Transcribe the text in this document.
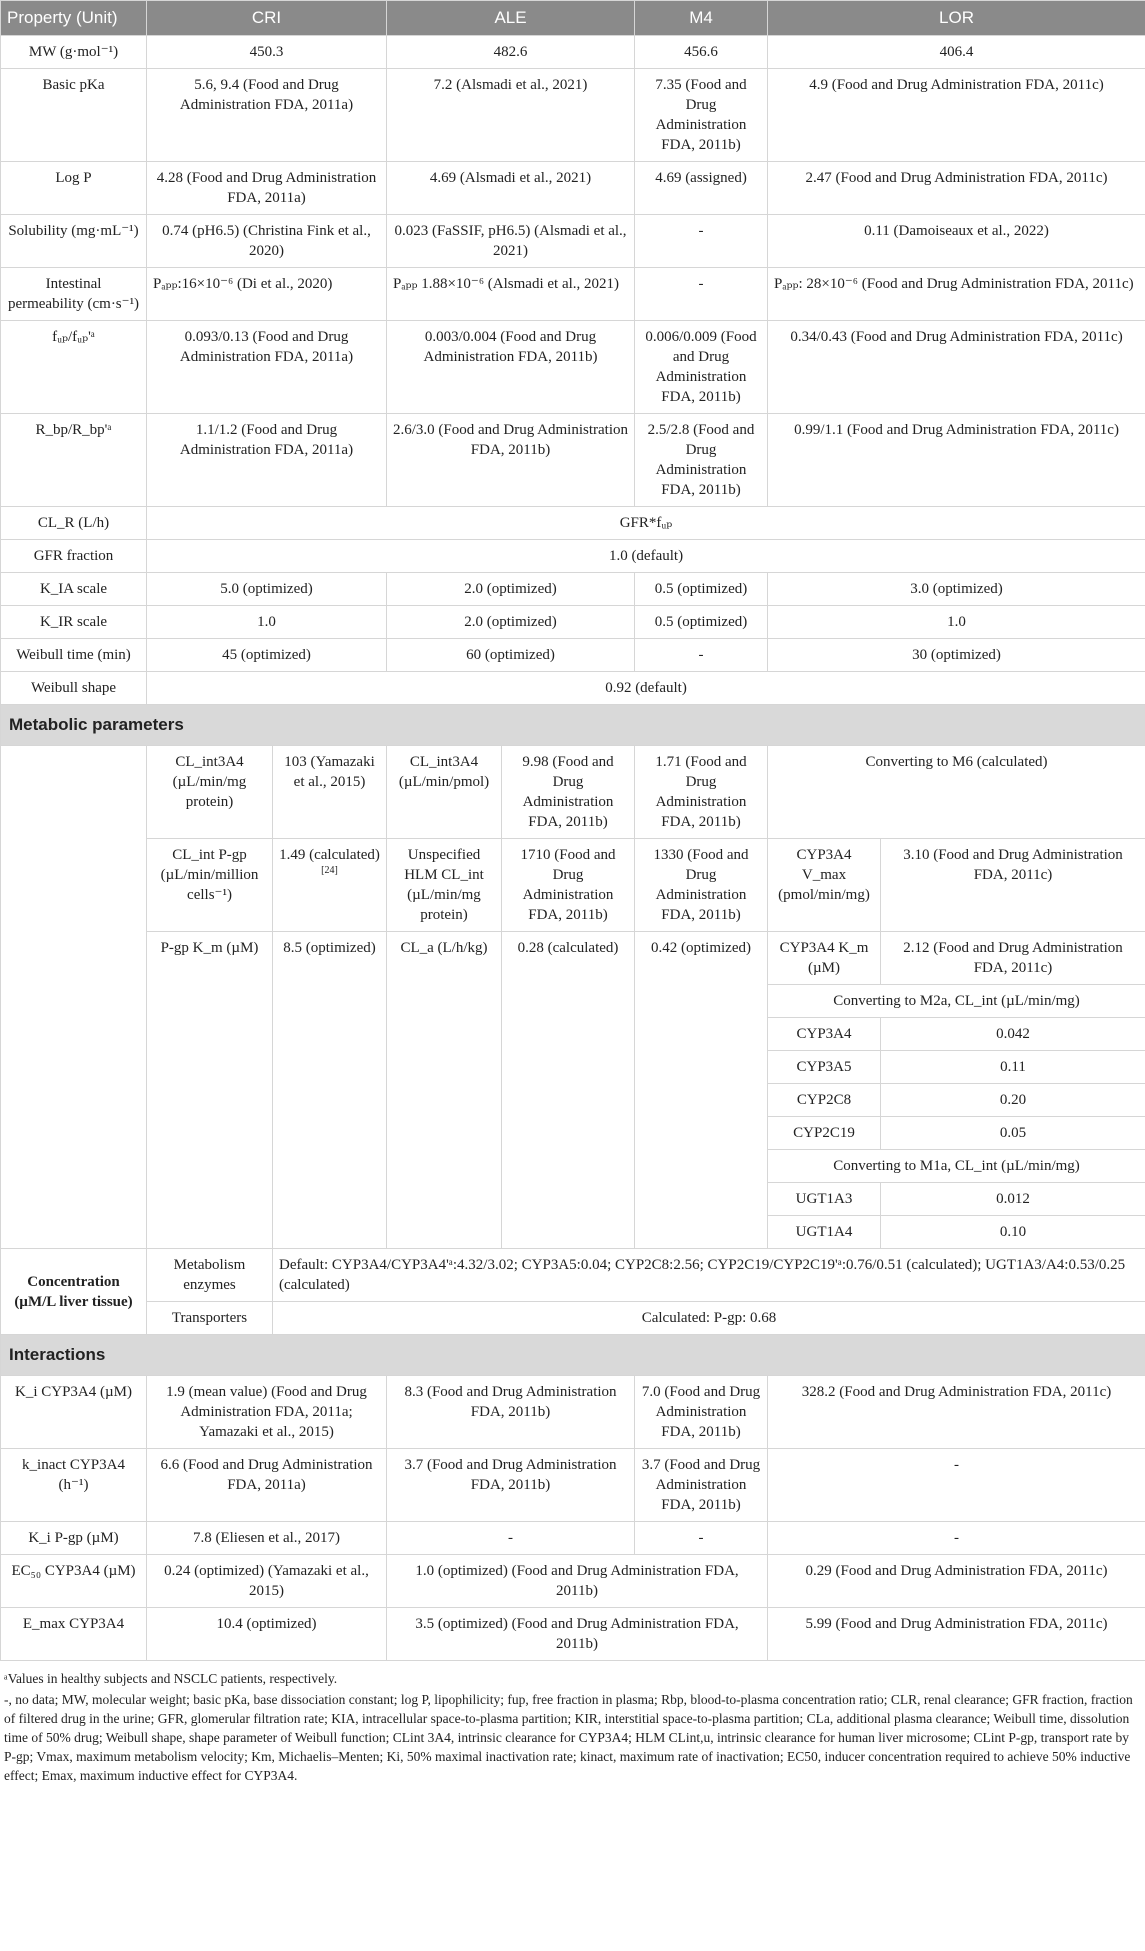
Property (Unit)	CRI		ALE		M4	LOR	
MW (g·mol⁻¹)	450.3		482.6		456.6	406.4	
Basic pKa	5.6, 9.4 (Food and Drug Administration FDA, 2011a)		7.2 (Alsmadi et al., 2021)		7.35 (Food and Drug Administration FDA, 2011b)	4.9 (Food and Drug Administration FDA, 2011c)	
Log P	4.28 (Food and Drug Administration FDA, 2011a)		4.69 (Alsmadi et al., 2021)		4.69 (assigned)	2.47 (Food and Drug Administration FDA, 2011c)	
Solubility (mg·mL⁻¹)	0.74 (pH6.5) (Christina Fink et al., 2020)		0.023 (FaSSIF, pH6.5) (Alsmadi et al., 2021)		-	0.11 (Damoiseaux et al., 2022)	
Intestinal permeability (cm·s⁻¹)	Pₐₚₚ:16×10⁻⁶ (Di et al., 2020)		Pₐₚₚ 1.88×10⁻⁶ (Alsmadi et al., 2021)		-	Pₐₚₚ: 28×10⁻⁶ (Food and Drug Administration FDA, 2011c)	
fᵤₚ/fᵤₚ'ᵃ	0.093/0.13 (Food and Drug Administration FDA, 2011a)		0.003/0.004 (Food and Drug Administration FDA, 2011b)		0.006/0.009 (Food and Drug Administration FDA, 2011b)	0.34/0.43 (Food and Drug Administration FDA, 2011c)	
R_bp/R_bp'ᵃ	1.1/1.2 (Food and Drug Administration FDA, 2011a)		2.6/3.0 (Food and Drug Administration FDA, 2011b)		2.5/2.8 (Food and Drug Administration FDA, 2011b)	0.99/1.1 (Food and Drug Administration FDA, 2011c)	
CL_R (L/h)	GFR*fᵤₚ						
GFR fraction	1.0 (default)						
K_IA scale	5.0 (optimized)		2.0 (optimized)		0.5 (optimized)	3.0 (optimized)	
K_IR scale	1.0		2.0 (optimized)		0.5 (optimized)	1.0	
Weibull time (min)	45 (optimized)		60 (optimized)		-	30 (optimized)	
Weibull shape	0.92 (default)						
Metabolic parameters							
	CL_int3A4 (µL/min/mg protein)	103 (Yamazaki et al., 2015)	CL_int3A4 (µL/min/pmol)	9.98 (Food and Drug Administration FDA, 2011b)	1.71 (Food and Drug Administration FDA, 2011b)	Converting to M6 (calculated)	
	CL_int P-gp (µL/min/million cells⁻¹)	1.49 (calculated) [24]	Unspecified HLM CL_int (µL/min/mg protein)	1710 (Food and Drug Administration FDA, 2011b)	1330 (Food and Drug Administration FDA, 2011b)	CYP3A4 V_max (pmol/min/mg)	3.10 (Food and Drug Administration FDA, 2011c)
	P-gp K_m (µM)	8.5 (optimized)	CL_a (L/h/kg)	0.28 (calculated)	0.42 (optimized)	CYP3A4 K_m (µM)	2.12 (Food and Drug Administration FDA, 2011c)
						Converting to M2a, CL_int (µL/min/mg)	
						CYP3A4	0.042
						CYP3A5	0.11
						CYP2C8	0.20
						CYP2C19	0.05
						Converting to M1a, CL_int (µL/min/mg)	
						UGT1A3	0.012
						UGT1A4	0.10
Concentration (µM/L liver tissue)	Metabolism enzymes	Default: CYP3A4/CYP3A4'ᵃ:4.32/3.02; CYP3A5:0.04; CYP2C8:2.56; CYP2C19/CYP2C19'ᵃ:0.76/0.51 (calculated); UGT1A3/A4:0.53/0.25 (calculated)					
	Transporters	Calculated: P-gp: 0.68					
Interactions							
K_i CYP3A4 (µM)	1.9 (mean value) (Food and Drug Administration FDA, 2011a; Yamazaki et al., 2015)		8.3 (Food and Drug Administration FDA, 2011b)		7.0 (Food and Drug Administration FDA, 2011b)	328.2 (Food and Drug Administration FDA, 2011c)	
k_inact CYP3A4 (h⁻¹)	6.6 (Food and Drug Administration FDA, 2011a)		3.7 (Food and Drug Administration FDA, 2011b)		3.7 (Food and Drug Administration FDA, 2011b)	-	
K_i P-gp (µM)	7.8 (Eliesen et al., 2017)		-		-	-	
EC₅₀ CYP3A4 (µM)	0.24 (optimized) (Yamazaki et al., 2015)		1.0 (optimized) (Food and Drug Administration FDA, 2011b)			0.29 (Food and Drug Administration FDA, 2011c)	
E_max CYP3A4	10.4 (optimized)		3.5 (optimized) (Food and Drug Administration FDA, 2011b)			5.99 (Food and Drug Administration FDA, 2011c)	

ᵃValues in healthy subjects and NSCLC patients, respectively.

-, no data; MW, molecular weight; basic pKa, base dissociation constant; log P, lipophilicity; fup, free fraction in plasma; Rbp, blood-to-plasma concentration ratio; CLR, renal clearance; GFR fraction, fraction of filtered drug in the urine; GFR, glomerular filtration rate; KIA, intracellular space-to-plasma partition; KIR, interstitial space-to-plasma partition; CLa, additional plasma clearance; Weibull time, dissolution time of 50% drug; Weibull shape, shape parameter of Weibull function; CLint 3A4, intrinsic clearance for CYP3A4; HLM CLint,u, intrinsic clearance for human liver microsome; CLint P-gp, transport rate by P-gp; Vmax, maximum metabolism velocity; Km, Michaelis–Menten; Ki, 50% maximal inactivation rate; kinact, maximum rate of inactivation; EC50, inducer concentration required to achieve 50% inductive effect; Emax, maximum inductive effect for CYP3A4.
